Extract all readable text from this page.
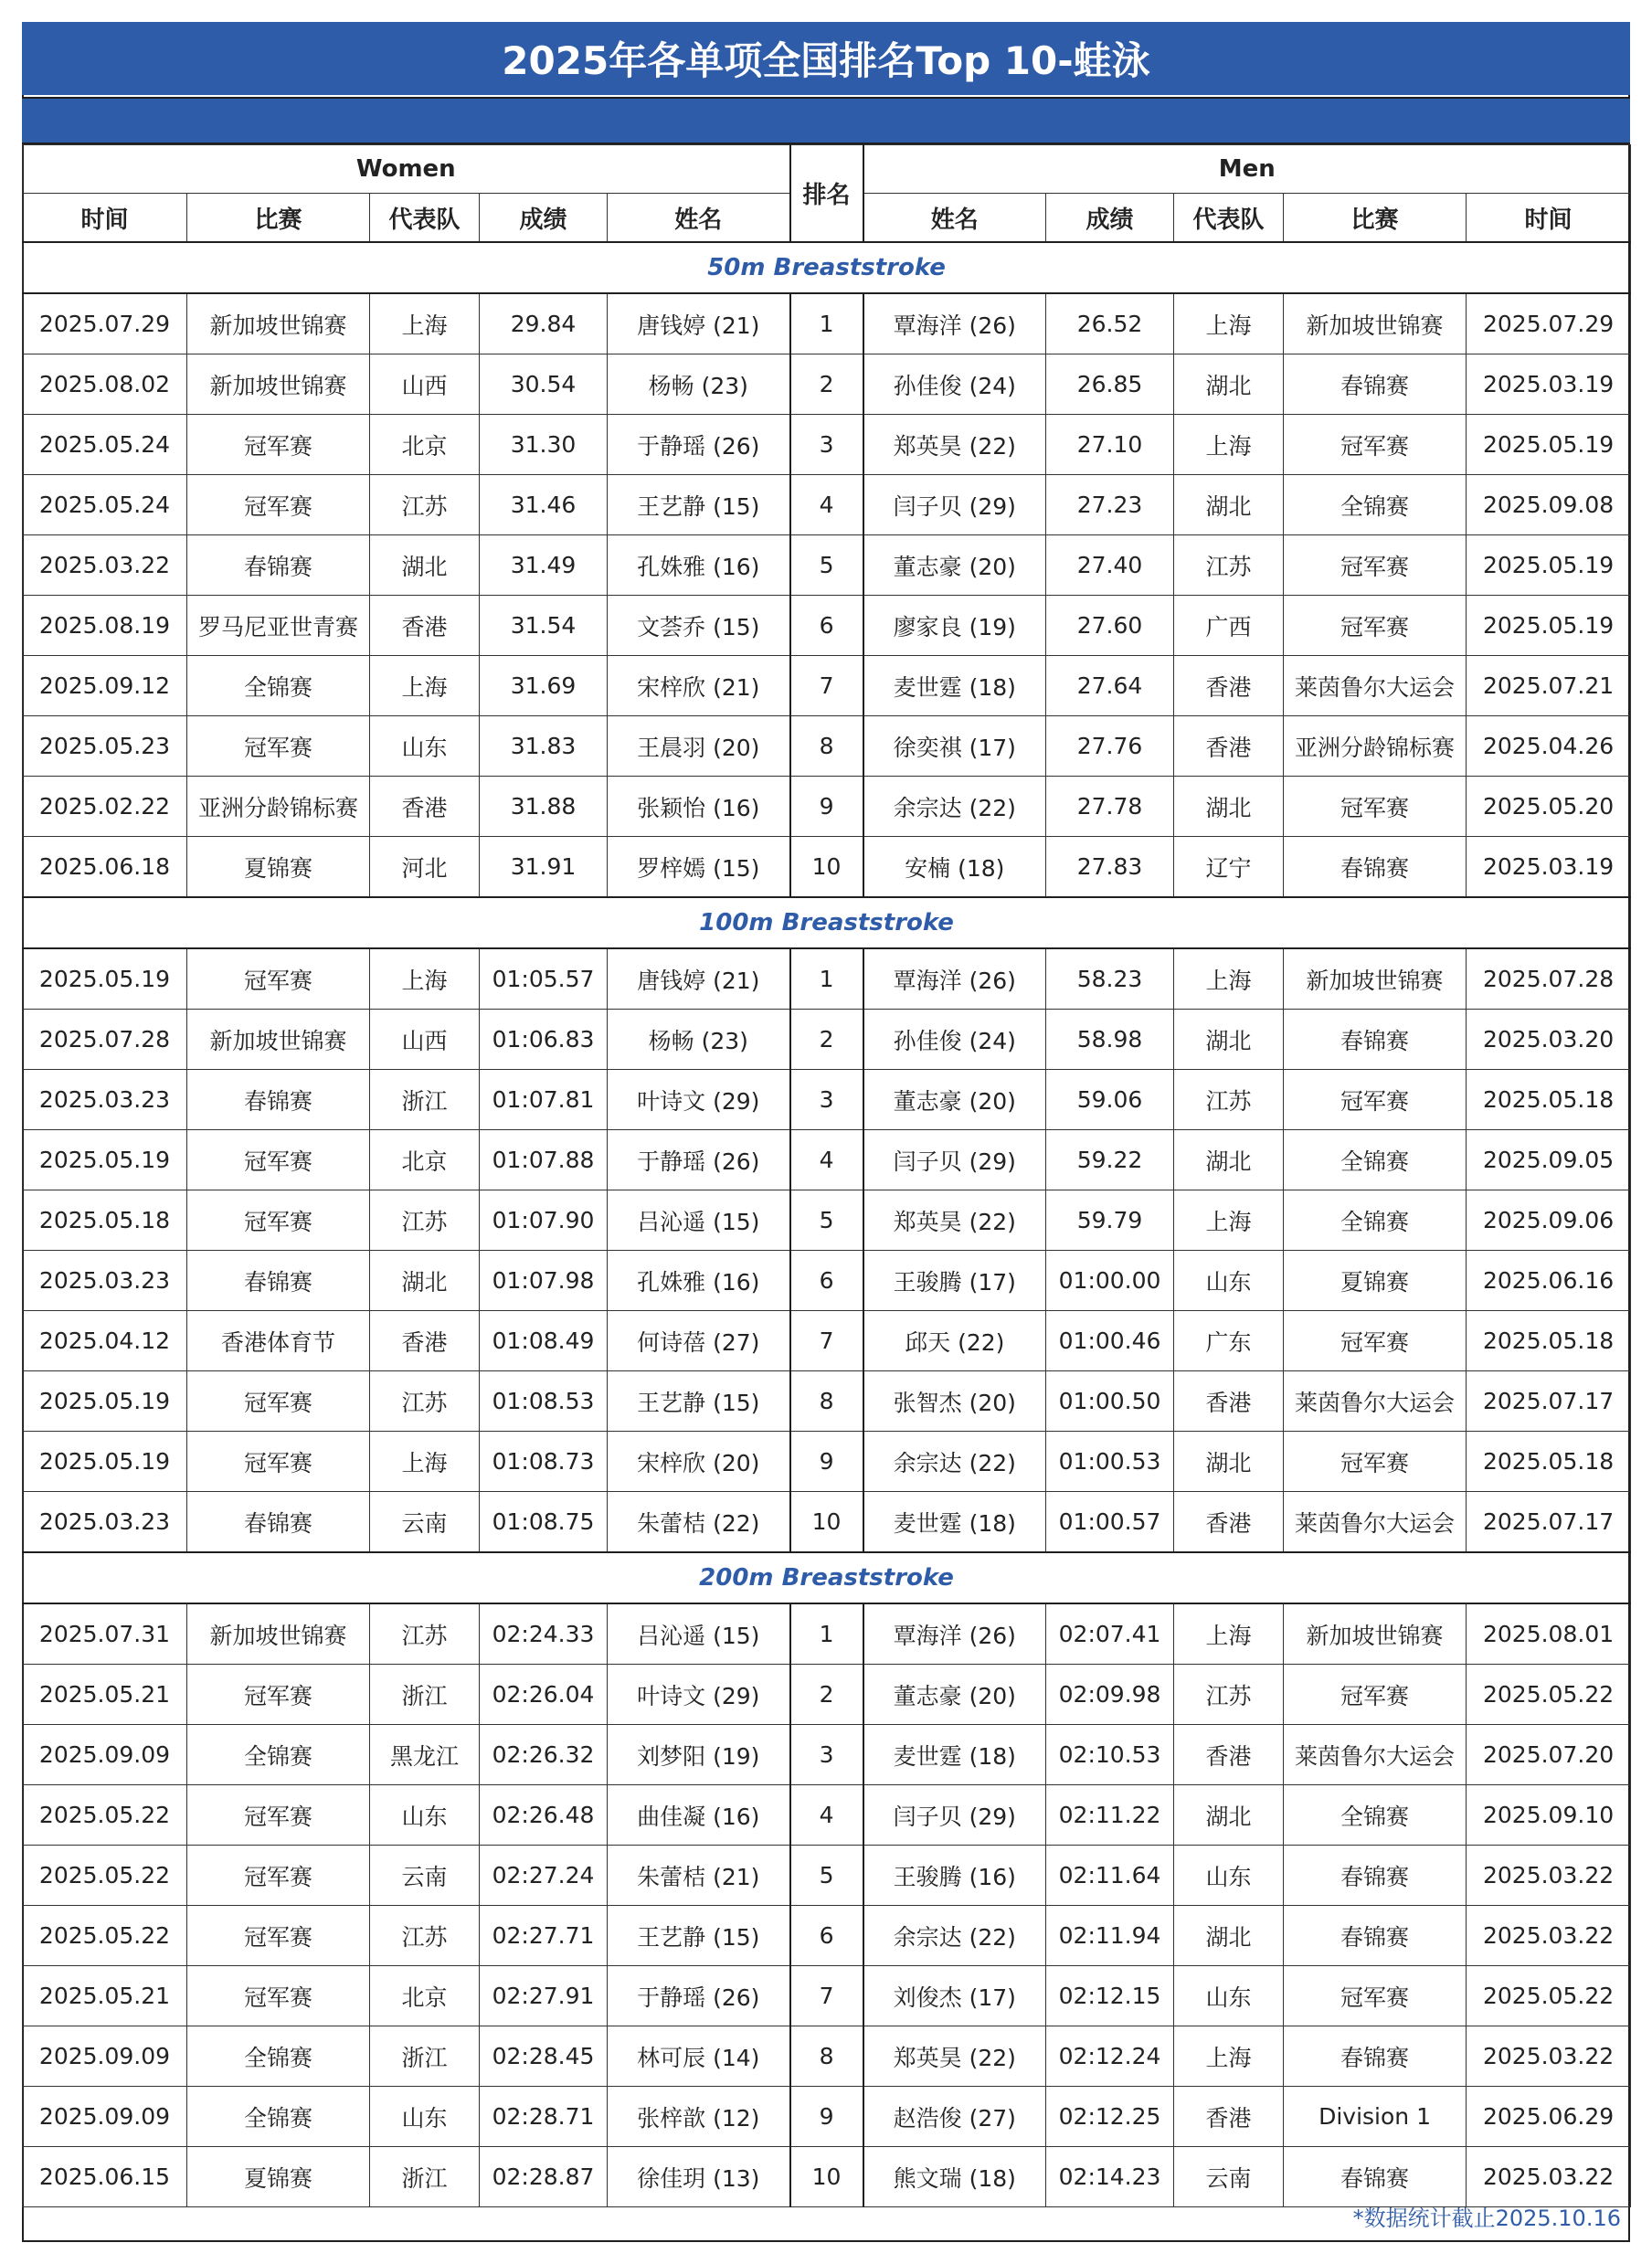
2025年各单项全国排名Top 10-蛙泳
Women					排名	Men				
时间	比赛	代表队	成绩	姓名		姓名	成绩	代表队	比赛	时间
50m Breaststroke										
2025.07.29	新加坡世锦赛	上海	29.84	唐钱婷 (21)	1	覃海洋 (26)	26.52	上海	新加坡世锦赛	2025.07.29
2025.08.02	新加坡世锦赛	山西	30.54	杨畅 (23)	2	孙佳俊 (24)	26.85	湖北	春锦赛	2025.03.19
2025.05.24	冠军赛	北京	31.30	于静瑶 (26)	3	郑英昊 (22)	27.10	上海	冠军赛	2025.05.19
2025.05.24	冠军赛	江苏	31.46	王艺静 (15)	4	闫子贝 (29)	27.23	湖北	全锦赛	2025.09.08
2025.03.22	春锦赛	湖北	31.49	孔姝雅 (16)	5	董志豪 (20)	27.40	江苏	冠军赛	2025.05.19
2025.08.19	罗马尼亚世青赛	香港	31.54	文荟乔 (15)	6	廖家良 (19)	27.60	广西	冠军赛	2025.05.19
2025.09.12	全锦赛	上海	31.69	宋梓欣 (21)	7	麦世霆 (18)	27.64	香港	莱茵鲁尔大运会	2025.07.21
2025.05.23	冠军赛	山东	31.83	王晨羽 (20)	8	徐奕祺 (17)	27.76	香港	亚洲分龄锦标赛	2025.04.26
2025.02.22	亚洲分龄锦标赛	香港	31.88	张颖怡 (16)	9	余宗达 (22)	27.78	湖北	冠军赛	2025.05.20
2025.06.18	夏锦赛	河北	31.91	罗梓嫣 (15)	10	安楠 (18)	27.83	辽宁	春锦赛	2025.03.19
100m Breaststroke										
2025.05.19	冠军赛	上海	01:05.57	唐钱婷 (21)	1	覃海洋 (26)	58.23	上海	新加坡世锦赛	2025.07.28
2025.07.28	新加坡世锦赛	山西	01:06.83	杨畅 (23)	2	孙佳俊 (24)	58.98	湖北	春锦赛	2025.03.20
2025.03.23	春锦赛	浙江	01:07.81	叶诗文 (29)	3	董志豪 (20)	59.06	江苏	冠军赛	2025.05.18
2025.05.19	冠军赛	北京	01:07.88	于静瑶 (26)	4	闫子贝 (29)	59.22	湖北	全锦赛	2025.09.05
2025.05.18	冠军赛	江苏	01:07.90	吕沁遥 (15)	5	郑英昊 (22)	59.79	上海	全锦赛	2025.09.06
2025.03.23	春锦赛	湖北	01:07.98	孔姝雅 (16)	6	王骏腾 (17)	01:00.00	山东	夏锦赛	2025.06.16
2025.04.12	香港体育节	香港	01:08.49	何诗蓓 (27)	7	邱天 (22)	01:00.46	广东	冠军赛	2025.05.18
2025.05.19	冠军赛	江苏	01:08.53	王艺静 (15)	8	张智杰 (20)	01:00.50	香港	莱茵鲁尔大运会	2025.07.17
2025.05.19	冠军赛	上海	01:08.73	宋梓欣 (20)	9	余宗达 (22)	01:00.53	湖北	冠军赛	2025.05.18
2025.03.23	春锦赛	云南	01:08.75	朱蕾桔 (22)	10	麦世霆 (18)	01:00.57	香港	莱茵鲁尔大运会	2025.07.17
200m Breaststroke										
2025.07.31	新加坡世锦赛	江苏	02:24.33	吕沁遥 (15)	1	覃海洋 (26)	02:07.41	上海	新加坡世锦赛	2025.08.01
2025.05.21	冠军赛	浙江	02:26.04	叶诗文 (29)	2	董志豪 (20)	02:09.98	江苏	冠军赛	2025.05.22
2025.09.09	全锦赛	黑龙江	02:26.32	刘梦阳 (19)	3	麦世霆 (18)	02:10.53	香港	莱茵鲁尔大运会	2025.07.20
2025.05.22	冠军赛	山东	02:26.48	曲佳凝 (16)	4	闫子贝 (29)	02:11.22	湖北	全锦赛	2025.09.10
2025.05.22	冠军赛	云南	02:27.24	朱蕾桔 (21)	5	王骏腾 (16)	02:11.64	山东	春锦赛	2025.03.22
2025.05.22	冠军赛	江苏	02:27.71	王艺静 (15)	6	余宗达 (22)	02:11.94	湖北	春锦赛	2025.03.22
2025.05.21	冠军赛	北京	02:27.91	于静瑶 (26)	7	刘俊杰 (17)	02:12.15	山东	冠军赛	2025.05.22
2025.09.09	全锦赛	浙江	02:28.45	林可辰 (14)	8	郑英昊 (22)	02:12.24	上海	春锦赛	2025.03.22
2025.09.09	全锦赛	山东	02:28.71	张梓歆 (12)	9	赵浩俊 (27)	02:12.25	香港	Division 1	2025.06.29
2025.06.15	夏锦赛	浙江	02:28.87	徐佳玥 (13)	10	熊文瑞 (18)	02:14.23	云南	春锦赛	2025.03.22
*数据统计截止2025.10.16
